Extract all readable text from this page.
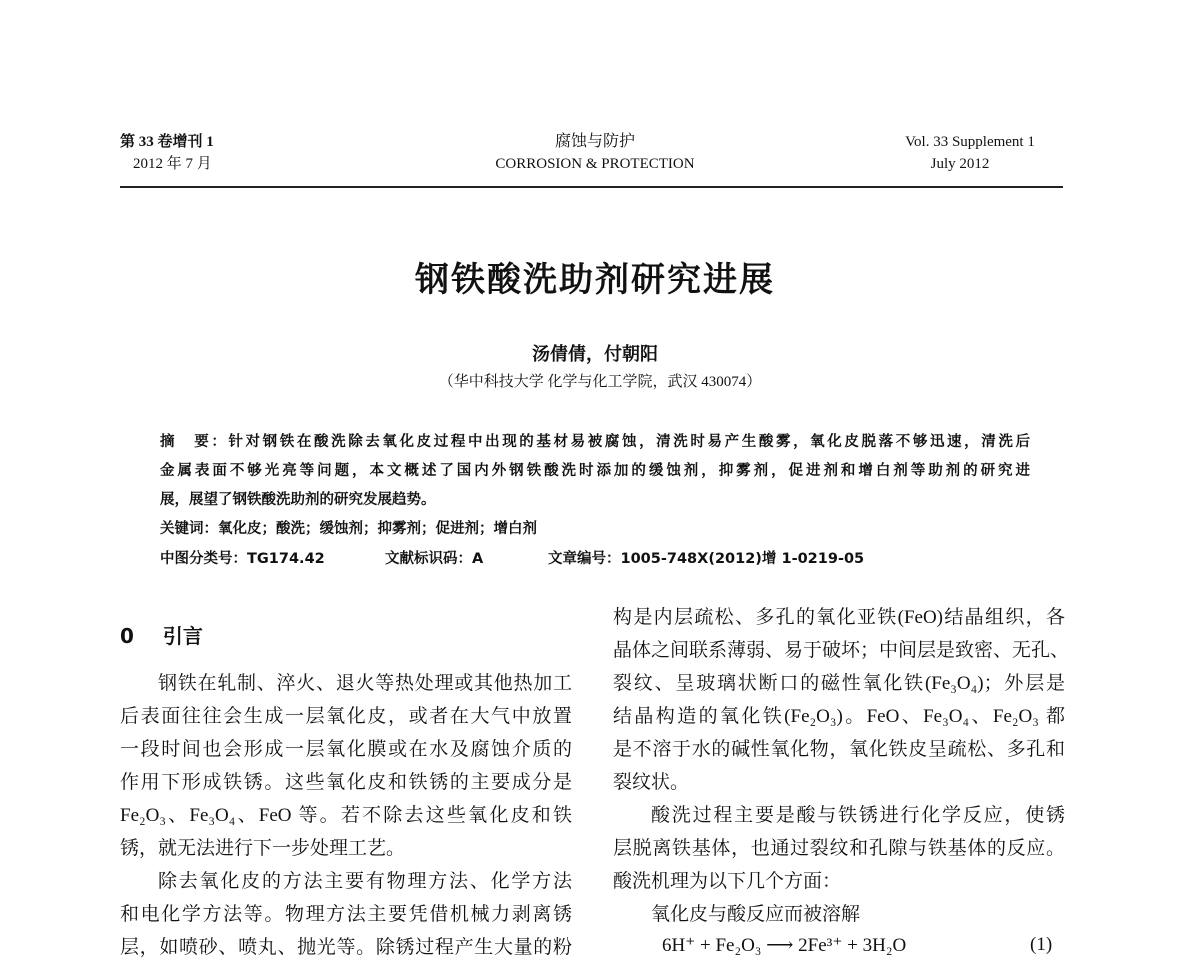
第 33 卷增刊 1
2012 年 7 月
腐蚀与防护
CORROSION & PROTECTION
Vol. 33 Supplement 1
July 2012
钢铁酸洗助剂研究进展
汤倩倩，付朝阳
（华中科技大学 化学与化工学院，武汉 430074）
摘　要：针对钢铁在酸洗除去氧化皮过程中出现的基材易被腐蚀，清洗时易产生酸雾，氧化皮脱落不够迅速，清洗后
金属表面不够光亮等问题，本文概述了国内外钢铁酸洗时添加的缓蚀剂，抑雾剂，促进剂和增白剂等助剂的研究进
展，展望了钢铁酸洗助剂的研究发展趋势。
关键词：氧化皮；酸洗；缓蚀剂；抑雾剂；促进剂；增白剂
中图分类号：TG174.42	文献标识码：A	文章编号：1005-748X(2012)增 1-0219-05
0 引言
钢铁在轧制、淬火、退火等热处理或其他热加工
后表面往往会生成一层氧化皮，或者在大气中放置
一段时间也会形成一层氧化膜或在水及腐蚀介质的
作用下形成铁锈。这些氧化皮和铁锈的主要成分是
Fe₂O₃、Fe₃O₄、FeO 等。若不除去这些氧化皮和铁
锈，就无法进行下一步处理工艺。
除去氧化皮的方法主要有物理方法、化学方法
和电化学方法等。物理方法主要凭借机械力剥离锈
层，如喷砂、喷丸、抛光等。除锈过程产生大量的粉
构是内层疏松、多孔的氧化亚铁(FeO)结晶组织，各
晶体之间联系薄弱、易于破坏；中间层是致密、无孔、
裂纹、呈玻璃状断口的磁性氧化铁(Fe₃O₄)；外层是
结晶构造的氧化铁(Fe₂O₃)。FeO、Fe₃O₄、Fe₂O₃ 都
是不溶于水的碱性氧化物，氧化铁皮呈疏松、多孔和
裂纹状。
酸洗过程主要是酸与铁锈进行化学反应，使锈
层脱离铁基体，也通过裂纹和孔隙与铁基体的反应。
酸洗机理为以下几个方面：
氧化皮与酸反应而被溶解
6H⁺ + Fe₂O₃ ⟶ 2Fe³⁺ + 3H₂O	(1)
